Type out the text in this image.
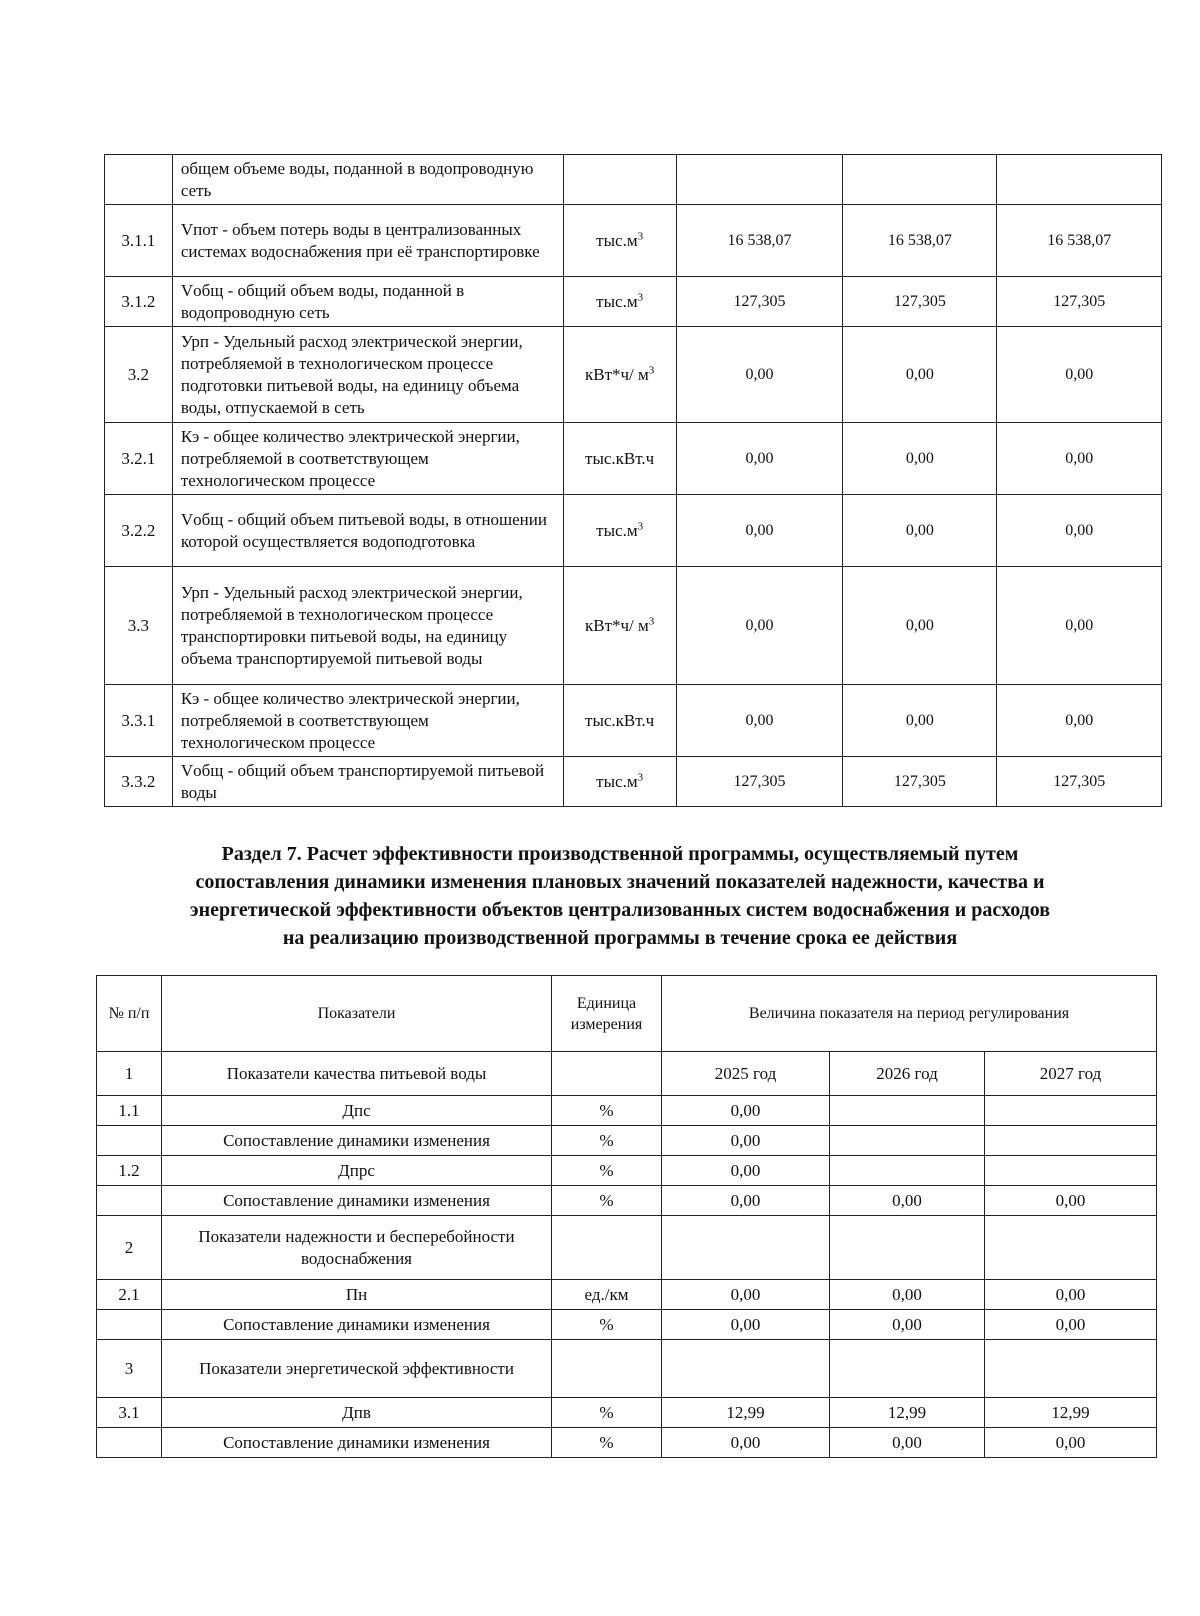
	общем объеме воды, поданной в водопроводную сеть				
3.1.1	Vпот - объем потерь воды в централизованных системах водоснабжения при её транспортировке	$тыс.м^3$	16 538,07	16 538,07	16 538,07
3.1.2	Vобщ - общий объем воды, поданной в водопроводную сеть	$тыс.м^3$	127,305	127,305	127,305
3.2	Урп - Удельный расход электрической энергии, потребляемой в технологическом процессе подготовки питьевой воды, на единицу объема воды, отпускаемой в сеть	кВт*ч/ $м^3$	0,00	0,00	0,00
3.2.1	Кэ - общее количество электрической энергии, потребляемой в соответствующем технологическом процессе	тыс.кВт.ч	0,00	0,00	0,00
3.2.2	Vобщ - общий объем питьевой воды, в отношении которой осуществляется водоподготовка	$тыс.м^3$	0,00	0,00	0,00
3.3	Урп - Удельный расход электрической энергии, потребляемой в технологическом процессе транспортировки питьевой воды, на единицу объема транспортируемой питьевой воды	кВт*ч/ $м^3$	0,00	0,00	0,00
3.3.1	Кэ - общее количество электрической энергии, потребляемой в соответствующем технологическом процессе	тыс.кВт.ч	0,00	0,00	0,00
3.3.2	Vобщ - общий объем транспортируемой питьевой воды	$тыс.м^3$	127,305	127,305	127,305
Раздел 7. Расчет эффективности производственной программы, осуществляемый путем
сопоставления динамики изменения плановых значений показателей надежности, качества и
энергетической эффективности объектов централизованных систем водоснабжения и расходов
на реализацию производственной программы в течение срока ее действия
№ п/п	Показатели	Единица измерения	Величина показателя на период регулирования		
1	Показатели качества питьевой воды		2025 год	2026 год	2027 год
1.1	Дпс	%	0,00		
	Сопоставление динамики изменения	%	0,00		
1.2	Дпрс	%	0,00		
	Сопоставление динамики изменения	%	0,00	0,00	0,00
2	Показатели надежности и бесперебойности водоснабжения				
2.1	Пн	ед./км	0,00	0,00	0,00
	Сопоставление динамики изменения	%	0,00	0,00	0,00
3	Показатели энергетической эффективности				
3.1	Дпв	%	12,99	12,99	12,99
	Сопоставление динамики изменения	%	0,00	0,00	0,00
